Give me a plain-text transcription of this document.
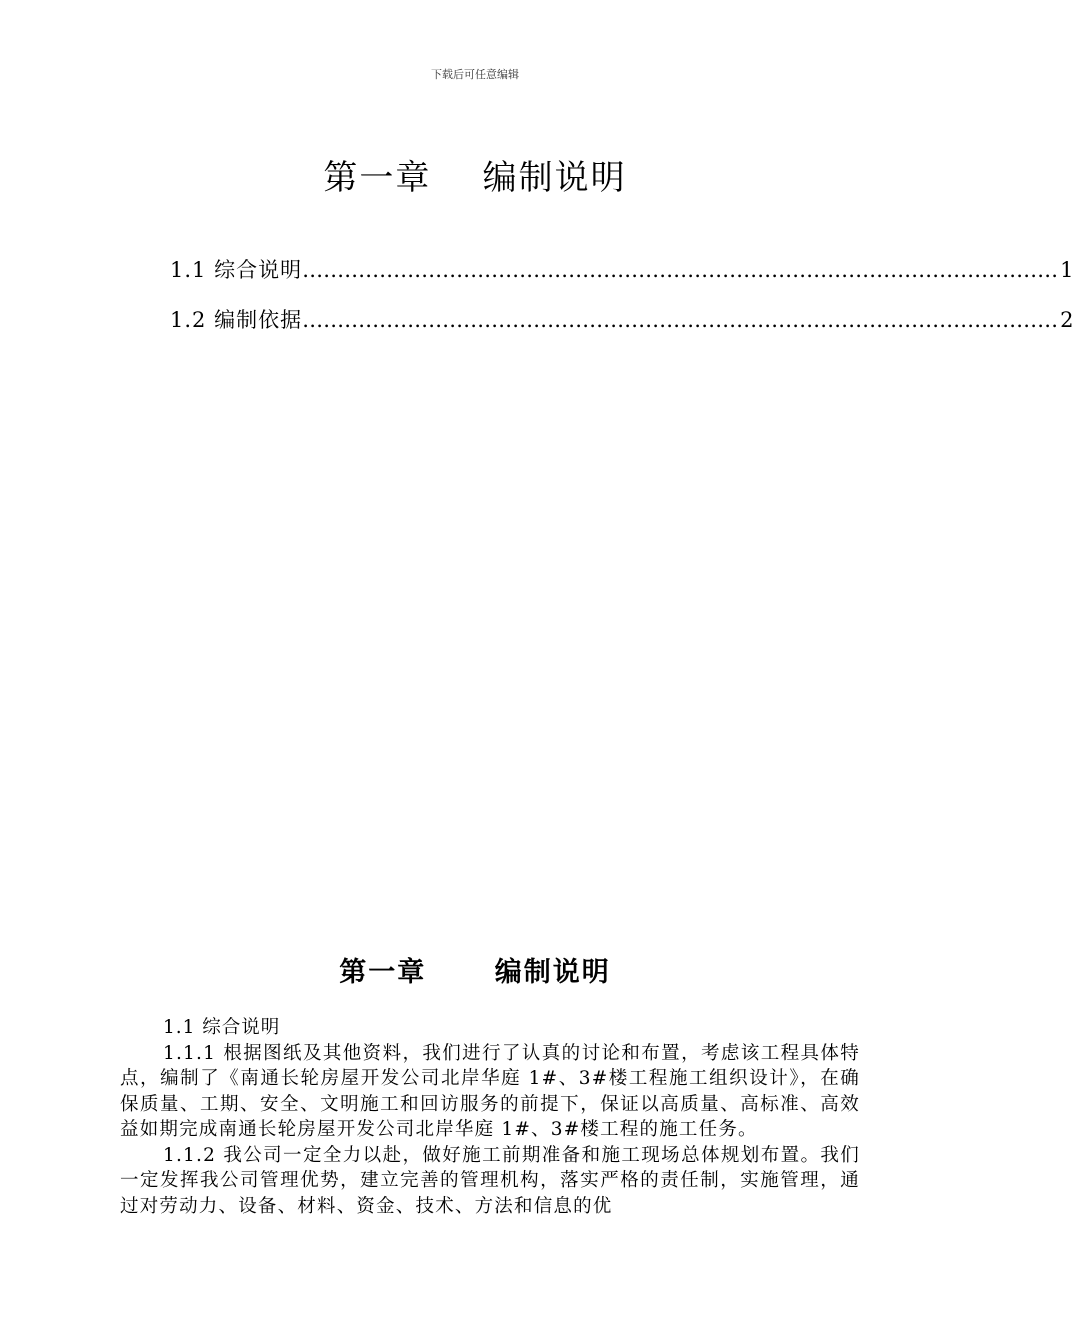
下载后可任意编辑
第一章    编制说明
1.1 综合说明 ……………………………………………………………………………………………… 1
1.2 编制依据 ……………………………………………………………………………………………… 2
第一章      编制说明
1.1 综合说明

1.1.1 根据图纸及其他资料，我们进行了认真的讨论和布置，考虑该工程具体特点，编制了《南通长轮房屋开发公司北岸华庭 1#、3#楼工程施工组织设计》，在确保质量、工期、安全、文明施工和回访服务的前提下，保证以高质量、高标准、高效益如期完成南通长轮房屋开发公司北岸华庭 1#、3#楼工程的施工任务。

1.1.2 我公司一定全力以赴，做好施工前期准备和施工现场总体规划布置。我们一定发挥我公司管理优势，建立完善的管理机构，落实严格的责任制，实施管理，通过对劳动力、设备、材料、资金、技术、方法和信息的优
